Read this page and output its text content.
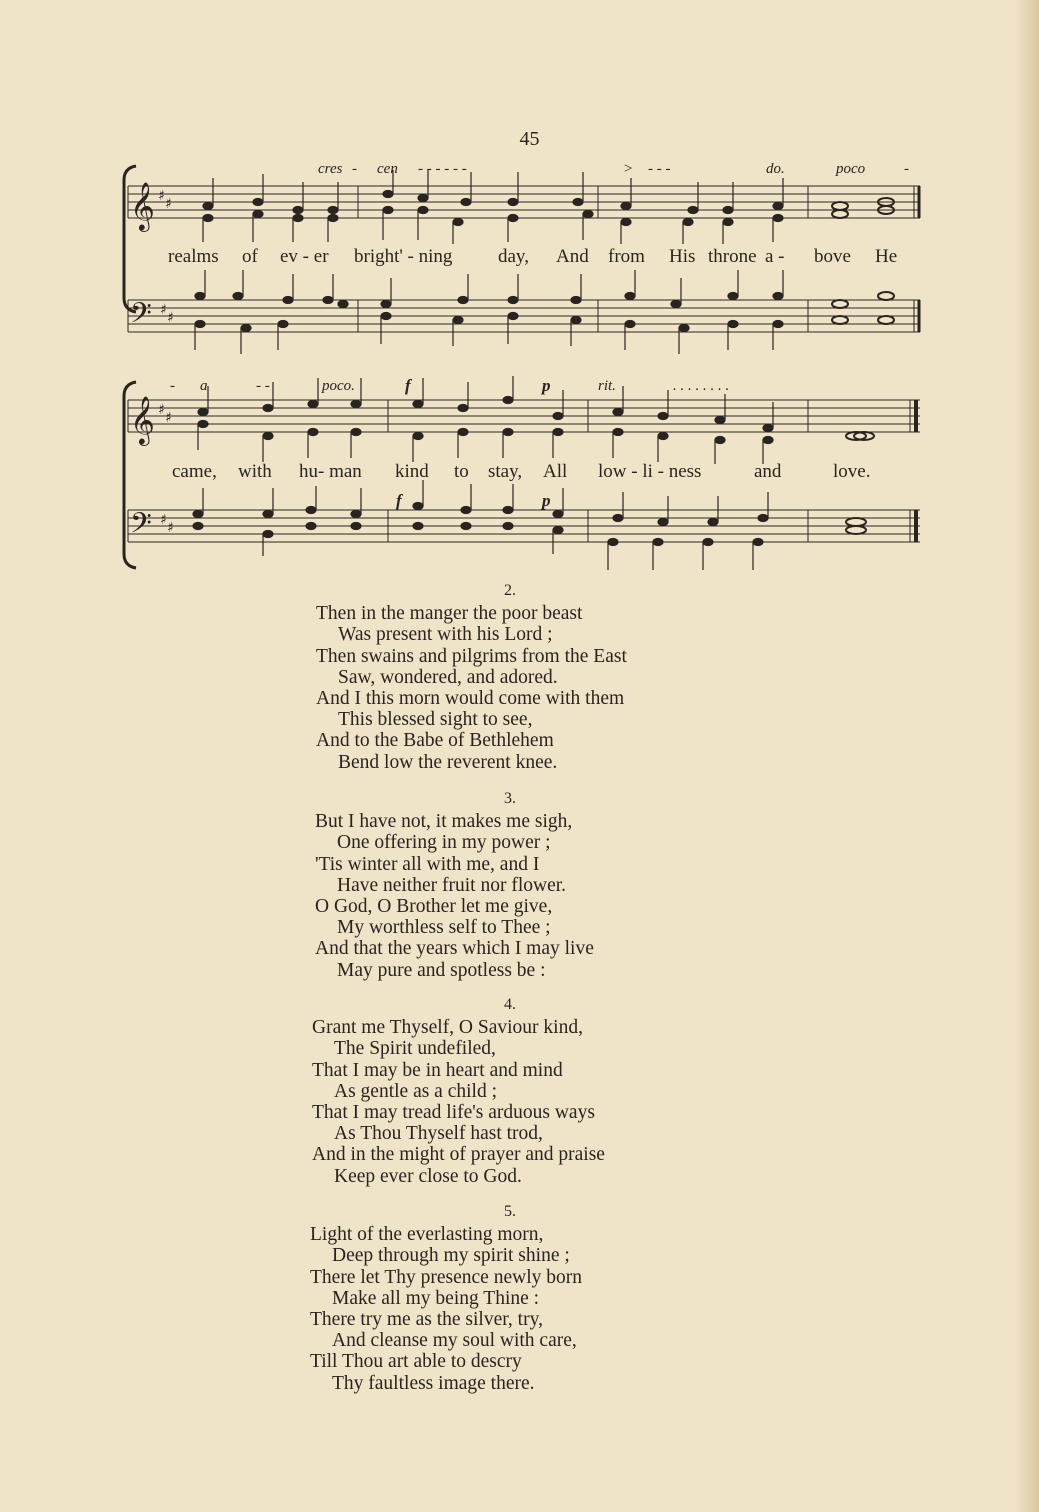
45
cres - cen - - - - - -	> - - -	do.	poco	-
𝄞 ♯ ♯
realms of ev - er bright' - ning day, And from His throne a - bove He
𝄢 ♯ ♯
- a	- -	poco.	f	p	rit.	. . . . . . . .
𝄞 ♯ ♯
came, with hu- man kind to stay, All low - li - ness	and	love.
f	p
𝄢 ♯ ♯
2.
Then in the manger the poor beast
Was present with his Lord ;
Then swains and pilgrims from the East
Saw, wondered, and adored.
And I this morn would come with them
This blessed sight to see,
And to the Babe of Bethlehem
Bend low the reverent knee.
3.
But I have not, it makes me sigh,
One offering in my power ;
'Tis winter all with me, and I
Have neither fruit nor flower.
O God, O Brother let me give,
My worthless self to Thee ;
And that the years which I may live
May pure and spotless be :
4.
Grant me Thyself, O Saviour kind,
The Spirit undefiled,
That I may be in heart and mind
As gentle as a child ;
That I may tread life's arduous ways
As Thou Thyself hast trod,
And in the might of prayer and praise
Keep ever close to God.
5.
Light of the everlasting morn,
Deep through my spirit shine ;
There let Thy presence newly born
Make all my being Thine :
There try me as the silver, try,
And cleanse my soul with care,
Till Thou art able to descry
Thy faultless image there.
